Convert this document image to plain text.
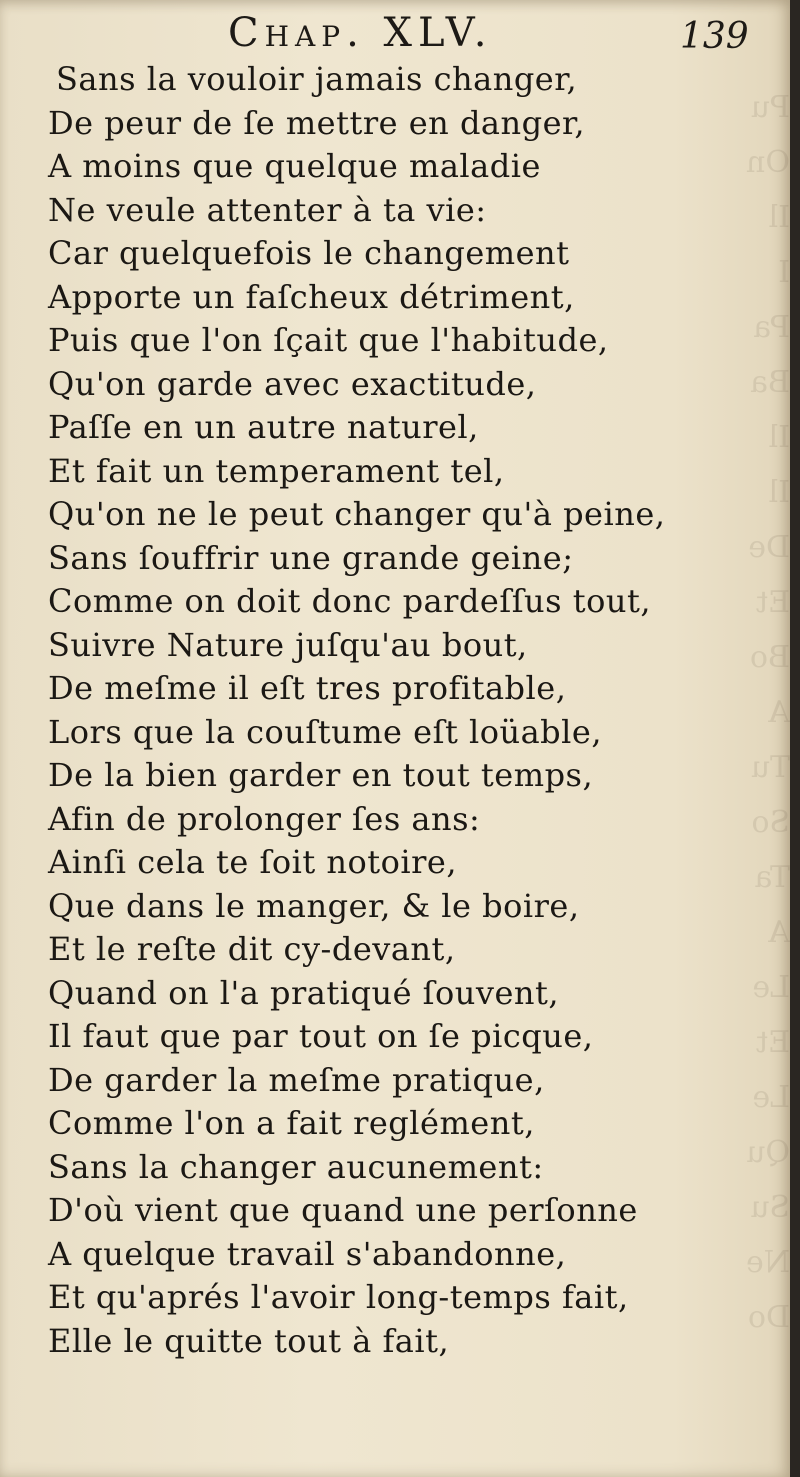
Pu
On
Il
I
Pa
Ba
Il
Il
De
Et
Bo
A
Tu
So
Ta
A
Le
Et
Le
Qu
Su
Ne
Do
Chap. XLV.	139
Sans la vouloir jamais changer,
De peur de ſe mettre en danger,
A moins que quelque maladie
Ne veule attenter à ta vie:
Car quelquefois le changement
Apporte un faſcheux détriment,
Puis que l'on ſçait que l'habitude,
Qu'on garde avec exactitude,
Paſſe en un autre naturel,
Et fait un temperament tel,
Qu'on ne le peut changer qu'à peine,
Sans ſouffrir une grande geine;
Comme on doit donc pardeſſus tout,
Suivre Nature juſqu'au bout,
De meſme il eſt tres profitable,
Lors que la couſtume eſt loüable,
De la bien garder en tout temps,
Afin de prolonger ſes ans:
Ainſi cela te ſoit notoire,
Que dans le manger, & le boire,
Et le reſte dit cy-devant,
Quand on l'a pratiqué ſouvent,
Il faut que par tout on ſe picque,
De garder la meſme pratique,
Comme l'on a fait reglément,
Sans la changer aucunement:
D'où vient que quand une perſonne
A quelque travail s'abandonne,
Et qu'aprés l'avoir long-temps fait,
Elle le quitte tout à fait,
